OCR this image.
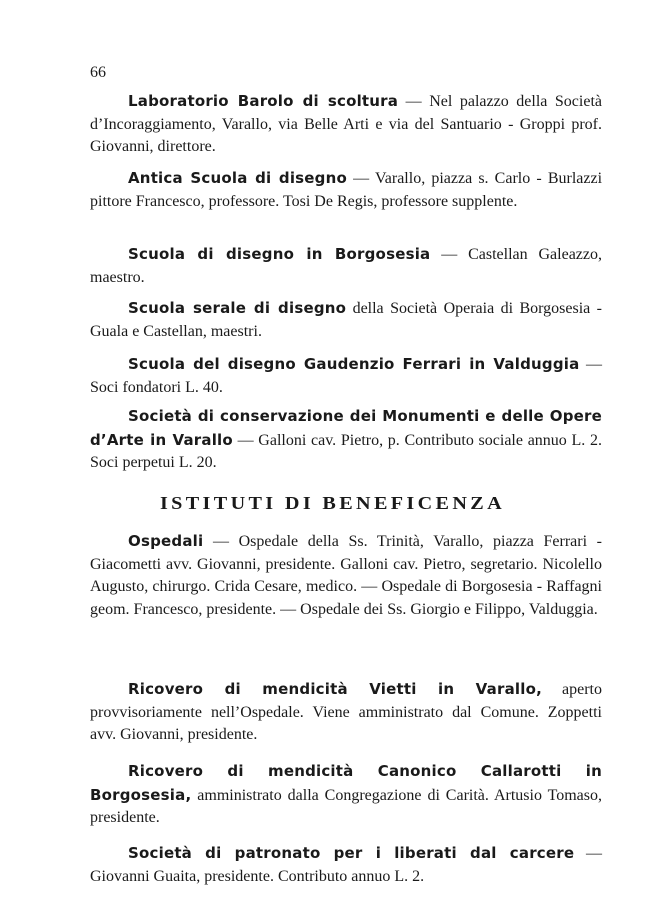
66

Laboratorio Barolo di scoltura — Nel palazzo della Società d’Incoraggiamento, Varallo, via Belle Arti e via del Santuario - Groppi prof. Giovanni, direttore.

Antica Scuola di disegno — Varallo, piazza s. Carlo - Burlazzi pittore Francesco, professore. Tosi De Regis, professore supplente.

Scuola di disegno in Borgosesia — Castellan Galeazzo, maestro.

Scuola serale di disegno della Società Operaia di Borgosesia - Guala e Castellan, maestri.

Scuola del disegno Gaudenzio Ferrari in Valduggia — Soci fondatori L. 40.

Società di conservazione dei Monumenti e delle Opere d’Arte in Varallo — Galloni cav. Pietro, p. Contributo sociale annuo L. 2. Soci perpetui L. 20.

ISTITUTI DI BENEFICENZA

Ospedali — Ospedale della Ss. Trinità, Varallo, piazza Ferrari - Giacometti avv. Giovanni, presidente. Galloni cav. Pietro, segretario. Nicolello Augusto, chirurgo. Crida Cesare, medico. — Ospedale di Borgosesia - Raffagni geom. Francesco, presidente. — Ospedale dei Ss. Giorgio e Filippo, Valduggia.

Ricovero di mendicità Vietti in Varallo, aperto provvisoriamente nell’Ospedale. Viene amministrato dal Comune. Zoppetti avv. Giovanni, presidente.

Ricovero di mendicità Canonico Callarotti in Borgosesia, amministrato dalla Congregazione di Carità. Artusio Tomaso, presidente.

Società di patronato per i liberati dal carcere — Giovanni Guaita, presidente. Contributo annuo L. 2.
